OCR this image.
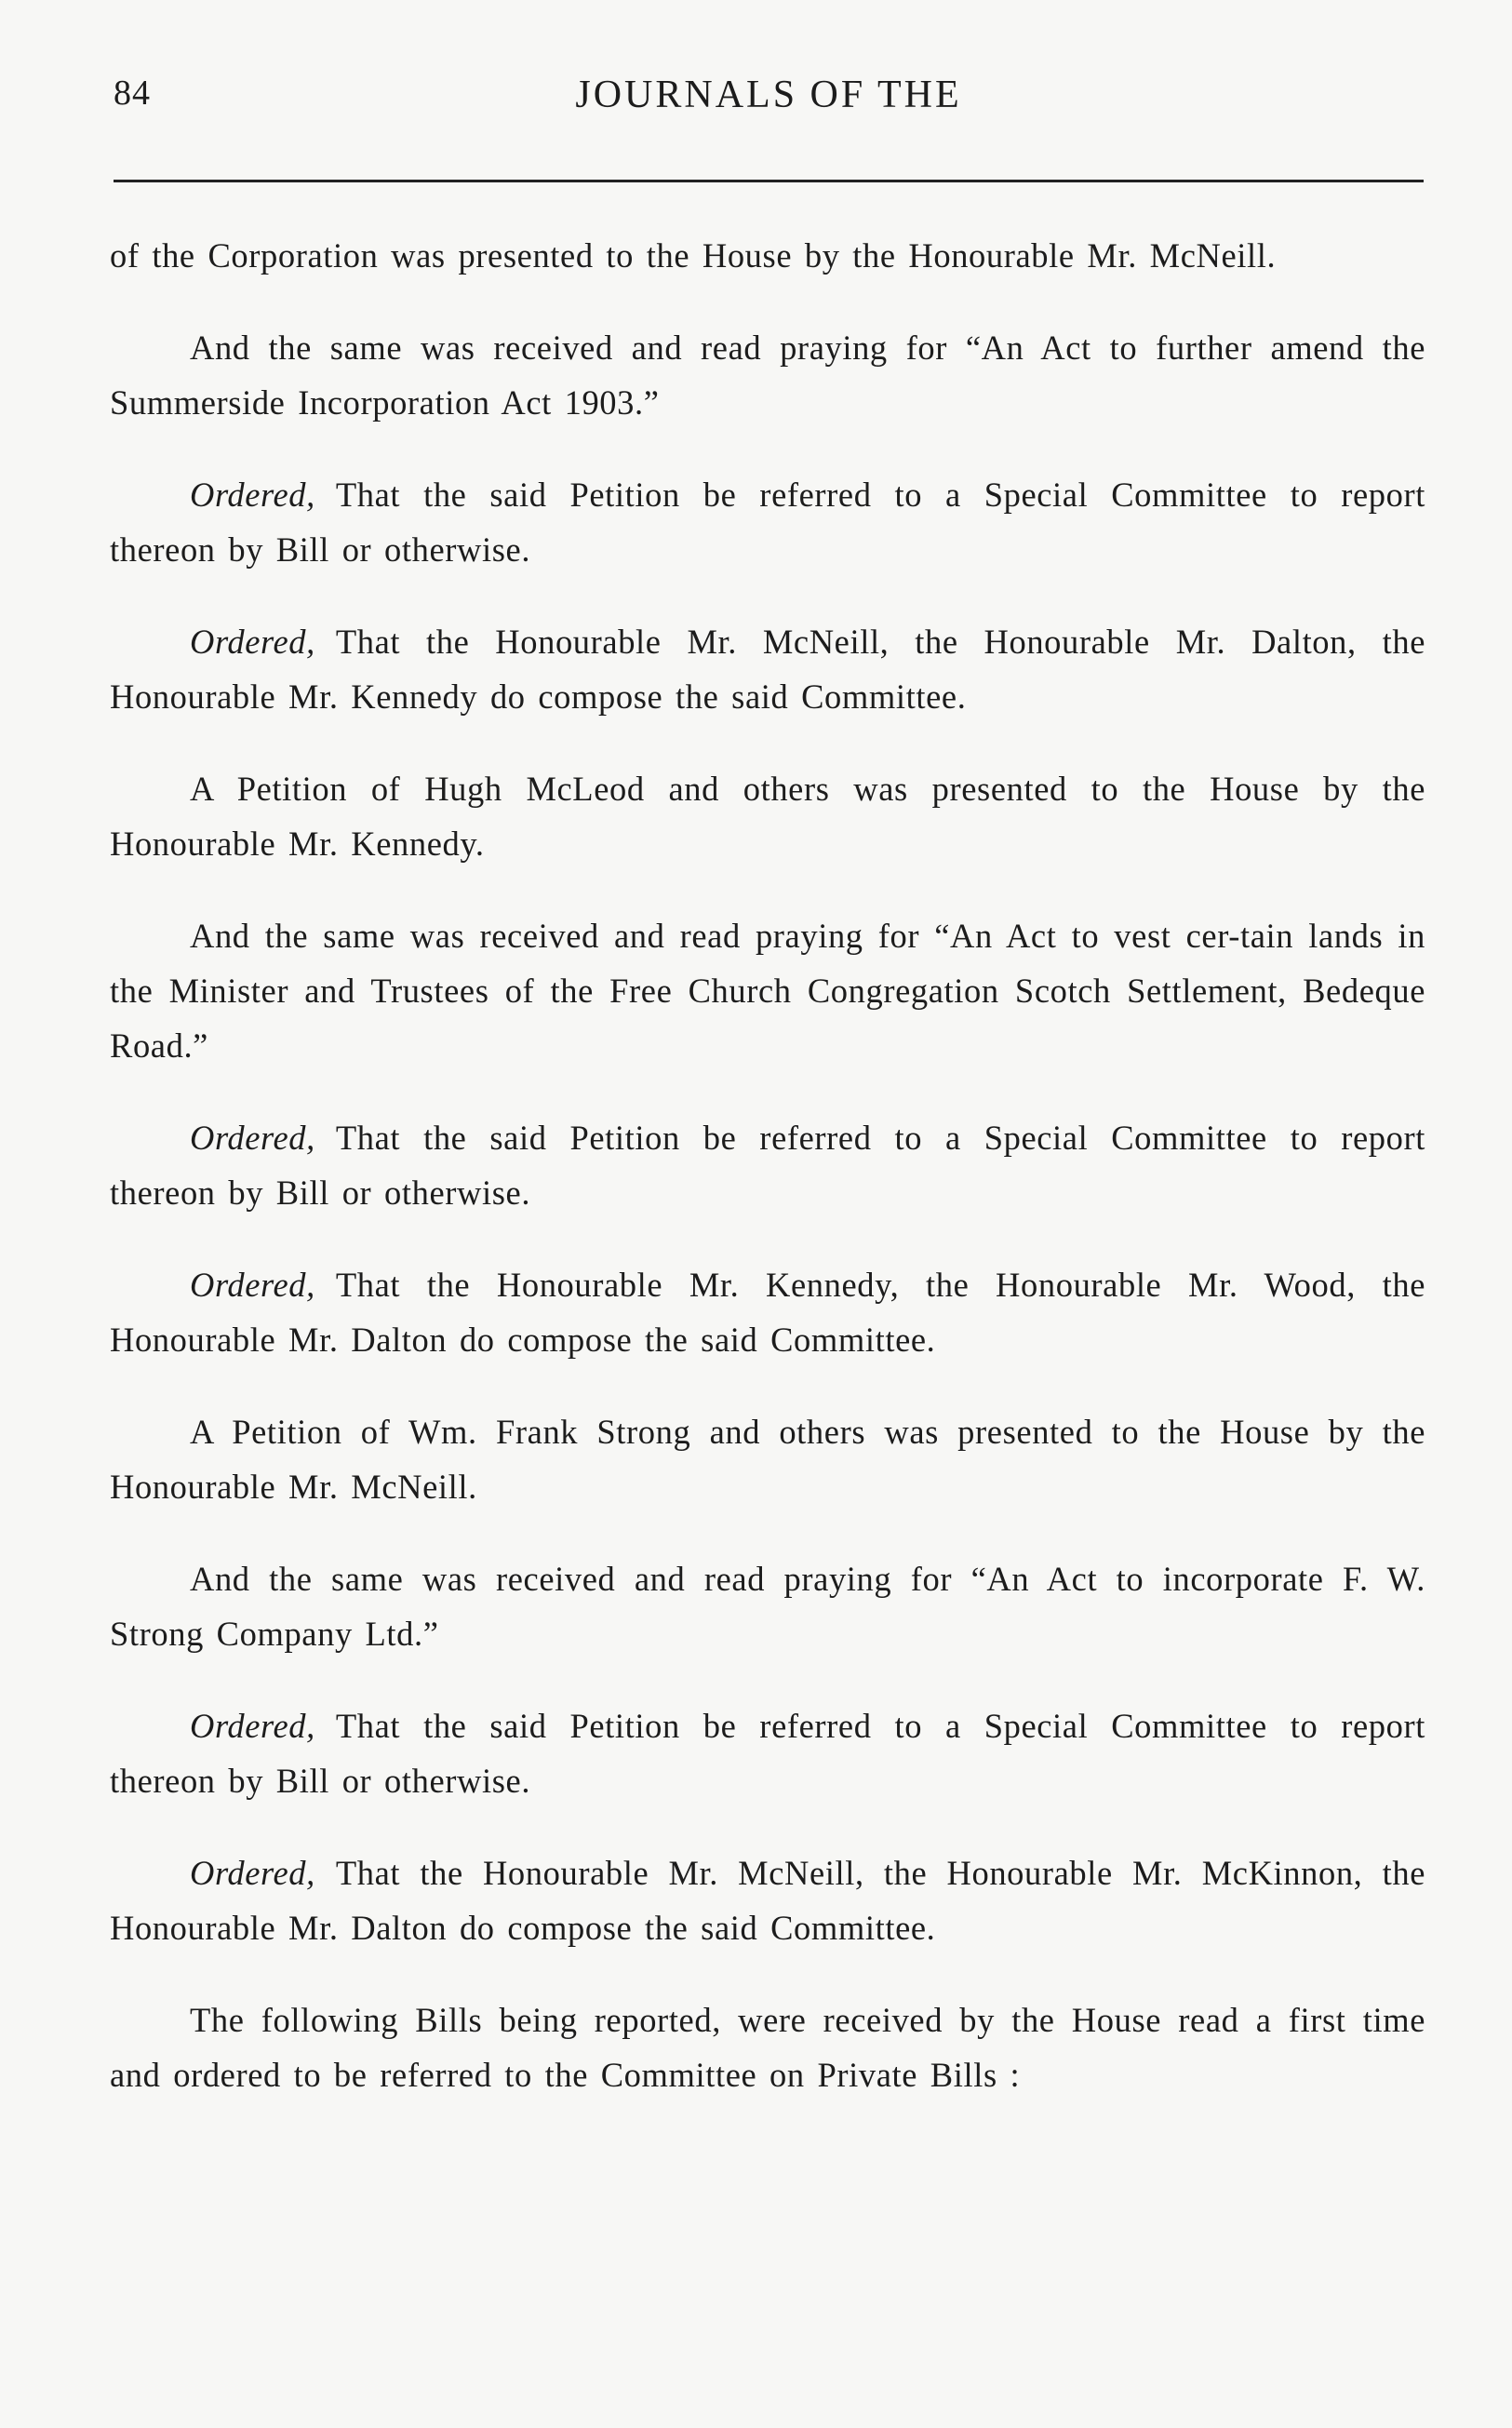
84	JOURNALS OF THE

of the Corporation was presented to the House by the Honourable Mr. McNeill.

And the same was received and read praying for “An Act to further amend the Summerside Incorporation Act 1903.”

Ordered, That the said Petition be referred to a Special Committee to report thereon by Bill or otherwise.

Ordered, That the Honourable Mr. McNeill, the Honourable Mr. Dalton, the Honourable Mr. Kennedy do compose the said Committee.

A Petition of Hugh McLeod and others was presented to the House by the Honourable Mr. Kennedy.

And the same was received and read praying for “An Act to vest cer-tain lands in the Minister and Trustees of the Free Church Congregation Scotch Settlement, Bedeque Road.”

Ordered, That the said Petition be referred to a Special Committee to report thereon by Bill or otherwise.

Ordered, That the Honourable Mr. Kennedy, the Honourable Mr. Wood, the Honourable Mr. Dalton do compose the said Committee.

A Petition of Wm. Frank Strong and others was presented to the House by the Honourable Mr. McNeill.

And the same was received and read praying for “An Act to incorporate F. W. Strong Company Ltd.”

Ordered, That the said Petition be referred to a Special Committee to report thereon by Bill or otherwise.

Ordered, That the Honourable Mr. McNeill, the Honourable Mr. McKinnon, the Honourable Mr. Dalton do compose the said Committee.

The following Bills being reported, were received by the House read a first time and ordered to be referred to the Committee on Private Bills :
